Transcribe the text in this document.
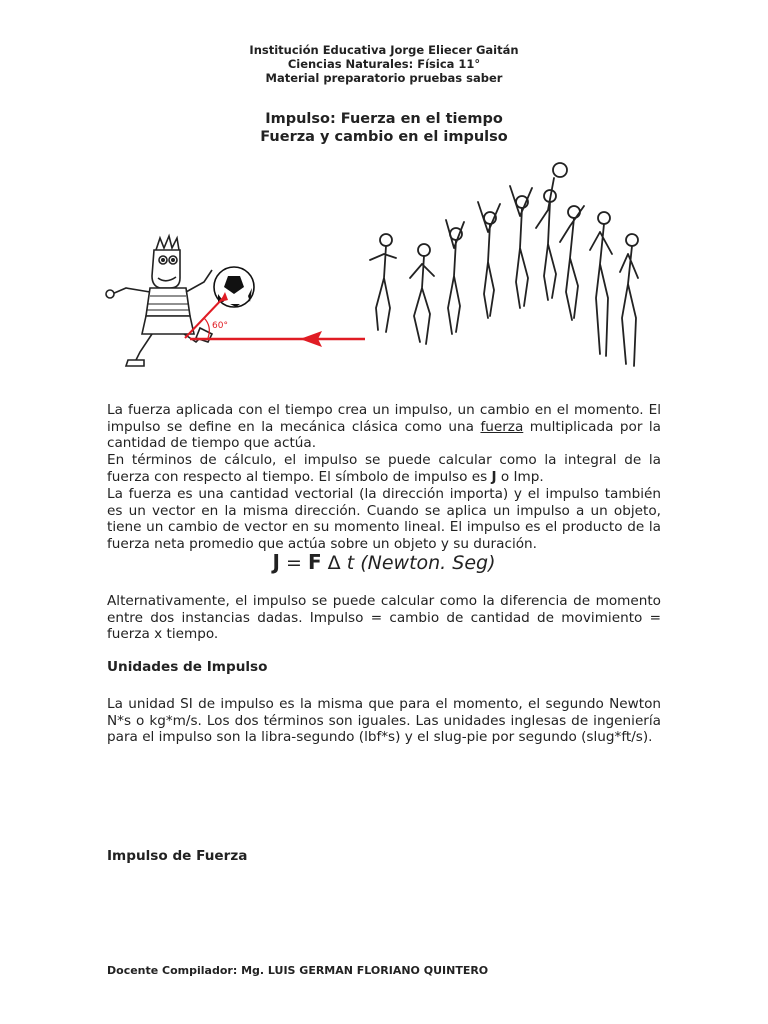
Institución Educativa Jorge Eliecer Gaitán
Ciencias Naturales: Física 11°
Material preparatorio pruebas saber
Impulso: Fuerza en el tiempo
Fuerza y cambio en el impulso
60°
La fuerza aplicada con el tiempo crea un impulso, un cambio en el momento. El impulso se define en la mecánica clásica como una fuerza multiplicada por la cantidad de tiempo que actúa.
En términos de cálculo, el impulso se puede calcular como la integral de la fuerza con respecto al tiempo. El símbolo de impulso es J o Imp.
La fuerza es una cantidad vectorial (la dirección importa) y el impulso también es un vector en la misma dirección. Cuando se aplica un impulso a un objeto, tiene un cambio de vector en su momento lineal. El impulso es el producto de la fuerza neta promedio que actúa sobre un objeto y su duración.
J = F Δ t (Newton. Seg)
Alternativamente, el impulso se puede calcular como la diferencia de momento entre dos instancias dadas. Impulso = cambio de cantidad de movimiento = fuerza x tiempo.
Unidades de Impulso
La unidad SI de impulso es la misma que para el momento, el segundo Newton N*s o kg*m/s. Los dos términos son iguales. Las unidades inglesas de ingeniería para el impulso son la libra-segundo (lbf*s) y el slug-pie por segundo (slug*ft/s).
Impulso de Fuerza
Docente Compilador: Mg. LUIS GERMAN FLORIANO QUINTERO
